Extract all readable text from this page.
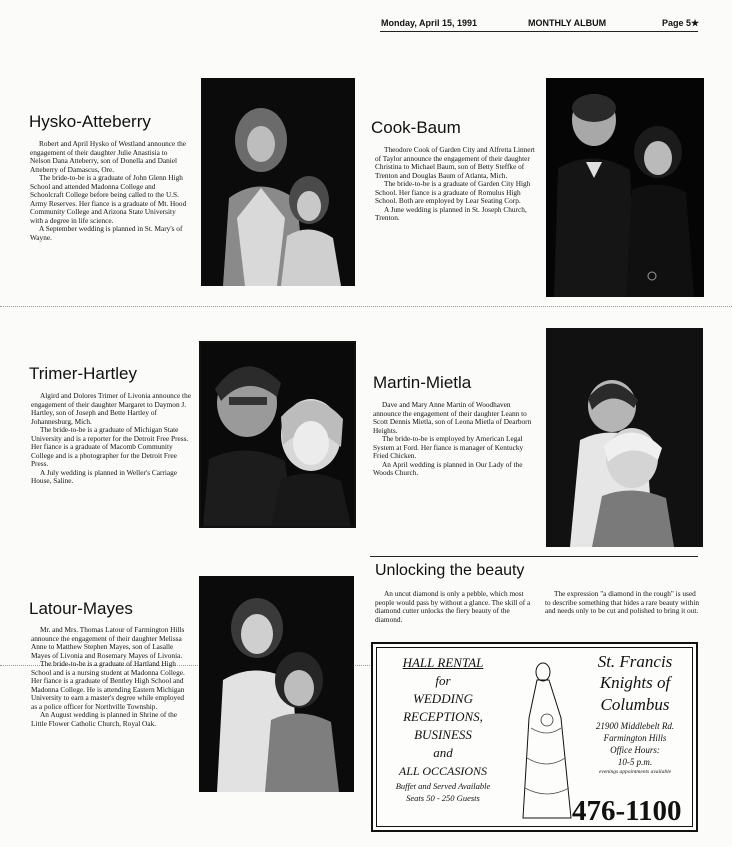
Monday, April 15, 1991	MONTHLY ALBUM	Page 5★
Hysko-Atteberry

Robert and April Hysko of Westland announce the engagement of their daughter Julie Anastisia to Nelson Dana Atteberry, son of Donella and Daniel Atteberry of Damascus, Ore.

The bride-to-be is a graduate of John Glenn High School and attended Madonna College and Schoolcraft College before being called to the U.S. Army Reserves. Her fiance is a graduate of Mt. Hood Community College and Arizona State University with a degree in life science.

A September wedding is planned in St. Mary's of Wayne.

Cook-Baum

Theodore Cook of Garden City and Alfretta Linnert of Taylor announce the engagement of their daughter Christina to Michael Baum, son of Betty Steffke of Trenton and Douglas Baum of Atlanta, Mich.

The bride-to-be is a graduate of Garden City High School. Her fiance is a graduate of Romulus High School. Both are employed by Lear Seating Corp.

A June wedding is planned in St. Joseph Church, Trenton.

Trimer-Hartley

Algird and Dolores Trimer of Livonia announce the engagement of their daughter Margaret to Daymon J. Hartley, son of Joseph and Bette Hartley of Johannesburg, Mich.

The bride-to-be is a graduate of Michigan State University and is a reporter for the Detroit Free Press. Her fiance is a graduate of Macomb Community College and is a photographer for the Detroit Free Press.

A July wedding is planned in Weller's Carriage House, Saline.

Martin-Mietla

Dave and Mary Anne Martin of Woodhaven announce the engagement of their daughter Leann to Scott Dennis Mietla, son of Leona Mietla of Dearborn Heights.

The bride-to-be is employed by American Legal System at Ford. Her fiance is manager of Kentucky Fried Chicken.

An April wedding is planned in Our Lady of the Woods Church.

Unlocking the beauty

An uncut diamond is only a pebble, which most people would pass by without a glance. The skill of a diamond cutter unlocks the fiery beauty of the diamond.

The expression "a diamond in the rough" is used to describe something that hides a rare beauty within and needs only to be cut and polished to bring it out.

Latour-Mayes

Mr. and Mrs. Thomas Latour of Farmington Hills announce the engagement of their daughter Melissa Anne to Matthew Stephen Mayes, son of Lasalle Mayes of Livonia and Rosemary Mayes of Livonia.

The bride-to-be is a graduate of Hartland High School and is a nursing student at Madonna College. Her fiance is a graduate of Bentley High School and Madonna College. He is attending Eastern Michigan University to earn a master's degree while employed as a police officer for Northville Township.

An August wedding is planned in Shrine of the Little Flower Catholic Church, Royal Oak.

HALL RENTAL
for
WEDDING
RECEPTIONS,
BUSINESS
and
ALL OCCASIONS
Buffet and Served Available
Seats 50 - 250 Guests
St. Francis
Knights of
Columbus
21900 Middlebelt Rd.
Farmington Hills
Office Hours:
10-5 p.m.
evenings appointments available
476-1100
